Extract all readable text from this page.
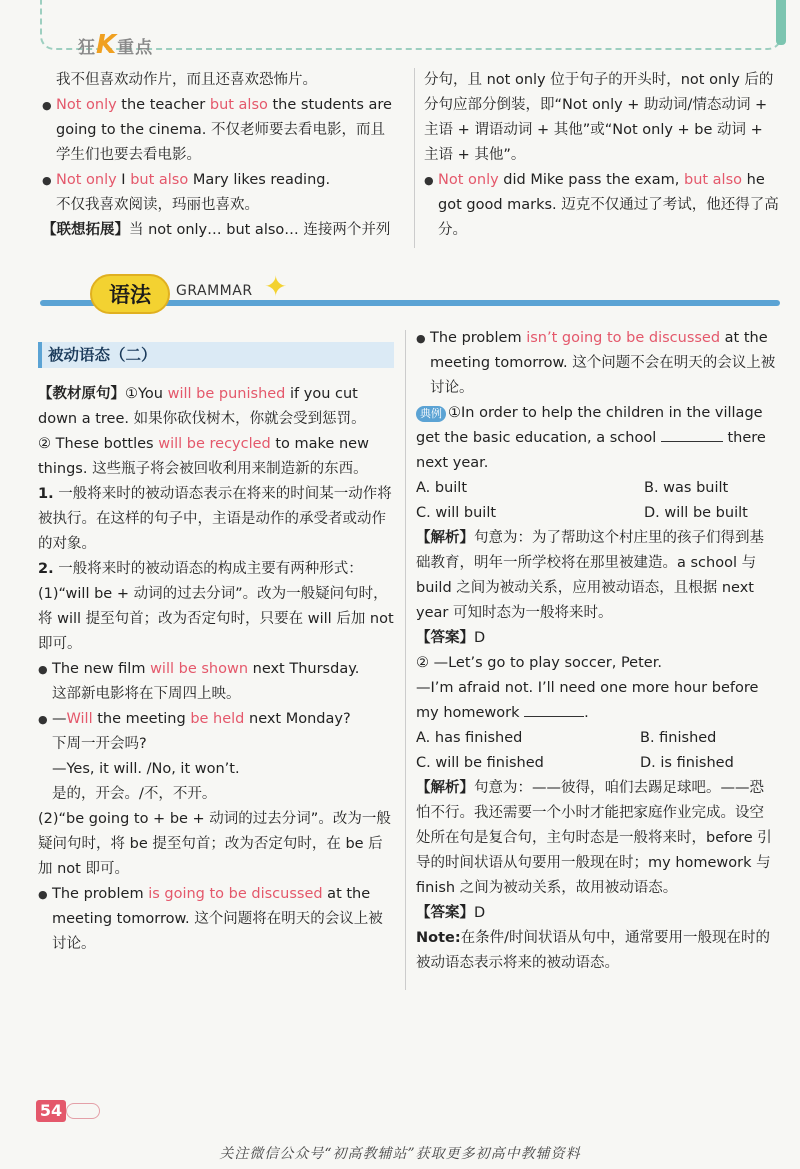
狂K重点

我不但喜欢动作片，而且还喜欢恐怖片。

● Not only the teacher but also the students are going to the cinema. 不仅老师要去看电影，而且学生们也要去看电影。

● Not only I but also Mary likes reading.

不仅我喜欢阅读，玛丽也喜欢。

【联想拓展】当 not only… but also… 连接两个并列

分句，且 not only 位于句子的开头时，not only 后的分句应部分倒装，即“Not only + 助动词/情态动词 + 主语 + 谓语动词 + 其他”或“Not only + be 动词 + 主语 + 其他”。

● Not only did Mike pass the exam, but also he got good marks. 迈克不仅通过了考试，他还得了高分。

语法	GRAMMAR ✦
被动语态（二）

【教材原句】①You will be punished if you cut down a tree. 如果你砍伐树木，你就会受到惩罚。

② These bottles will be recycled to make new things. 这些瓶子将会被回收利用来制造新的东西。

1. 一般将来时的被动语态表示在将来的时间某一动作将被执行。在这样的句子中，主语是动作的承受者或动作的对象。

2. 一般将来时的被动语态的构成主要有两种形式：

(1)“will be + 动词的过去分词”。改为一般疑问句时，将 will 提至句首；改为否定句时，只要在 will 后加 not 即可。

● The new film will be shown next Thursday.

这部新电影将在下周四上映。

● —Will the meeting be held next Monday?

下周一开会吗?

—Yes, it will. /No, it won’t.

是的，开会。/不，不开。

(2)“be going to + be + 动词的过去分词”。改为一般疑问句时，将 be 提至句首；改为否定句时，在 be 后加 not 即可。

● The problem is going to be discussed at the meeting tomorrow. 这个问题将在明天的会议上被讨论。

● The problem isn’t going to be discussed at the meeting tomorrow. 这个问题不会在明天的会议上被讨论。

典例 ①In order to help the children in the village get the basic education, a school	there next year.

A. built	B. was built
C. will built	D. will be built

【解析】句意为：为了帮助这个村庄里的孩子们得到基础教育，明年一所学校将在那里被建造。a school 与 build 之间为被动关系，应用被动语态，且根据 next year 可知时态为一般将来时。

【答案】D

② —Let’s go to play soccer, Peter.

—I’m afraid not. I’ll need one more hour before my homework	.

A. has finished	B. finished
C. will be finished	D. is finished

【解析】句意为：——彼得，咱们去踢足球吧。——恐怕不行。我还需要一个小时才能把家庭作业完成。设空处所在句是复合句，主句时态是一般将来时，before 引导的时间状语从句要用一般现在时；my homework 与 finish 之间为被动关系，故用被动语态。

【答案】D

Note:在条件/时间状语从句中，通常要用一般现在时的被动语态表示将来的被动语态。

54
关注微信公众号“初高教辅站”获取更多初高中教辅资料
